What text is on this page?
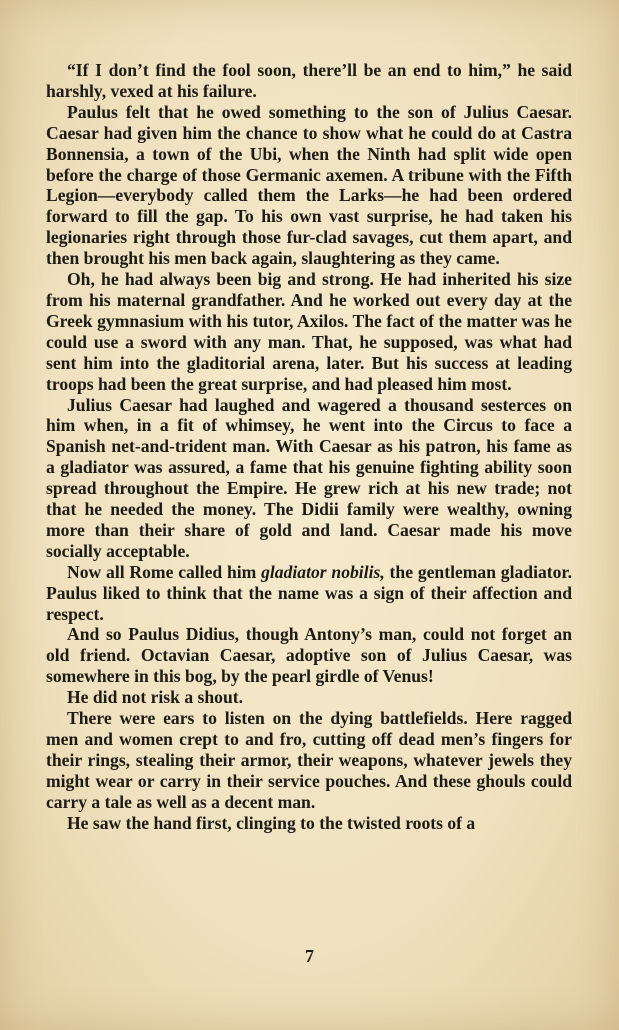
“If I don’t find the fool soon, there’ll be an end to him,” he said harshly, vexed at his failure.

Paulus felt that he owed something to the son of Julius Caesar. Caesar had given him the chance to show what he could do at Castra Bonnensia, a town of the Ubi, when the Ninth had split wide open before the charge of those Germanic axemen. A tribune with the Fifth Legion—everybody called them the Larks—he had been ordered forward to fill the gap. To his own vast surprise, he had taken his legionaries right through those fur-clad savages, cut them apart, and then brought his men back again, slaughtering as they came.

Oh, he had always been big and strong. He had inherited his size from his maternal grandfather. And he worked out every day at the Greek gymnasium with his tutor, Axilos. The fact of the matter was he could use a sword with any man. That, he supposed, was what had sent him into the gladitorial arena, later. But his success at leading troops had been the great surprise, and had pleased him most.

Julius Caesar had laughed and wagered a thousand sesterces on him when, in a fit of whimsey, he went into the Circus to face a Spanish net-and-trident man. With Caesar as his patron, his fame as a gladiator was assured, a fame that his genuine fighting ability soon spread throughout the Empire. He grew rich at his new trade; not that he needed the money. The Didii family were wealthy, owning more than their share of gold and land. Caesar made his move socially acceptable.

Now all Rome called him gladiator nobilis, the gentleman gladiator. Paulus liked to think that the name was a sign of their affection and respect.

And so Paulus Didius, though Antony’s man, could not forget an old friend. Octavian Caesar, adoptive son of Julius Caesar, was somewhere in this bog, by the pearl girdle of Venus!

He did not risk a shout.

There were ears to listen on the dying battlefields. Here ragged men and women crept to and fro, cutting off dead men’s fingers for their rings, stealing their armor, their weapons, whatever jewels they might wear or carry in their service pouches. And these ghouls could carry a tale as well as a decent man.

He saw the hand first, clinging to the twisted roots of a

7
